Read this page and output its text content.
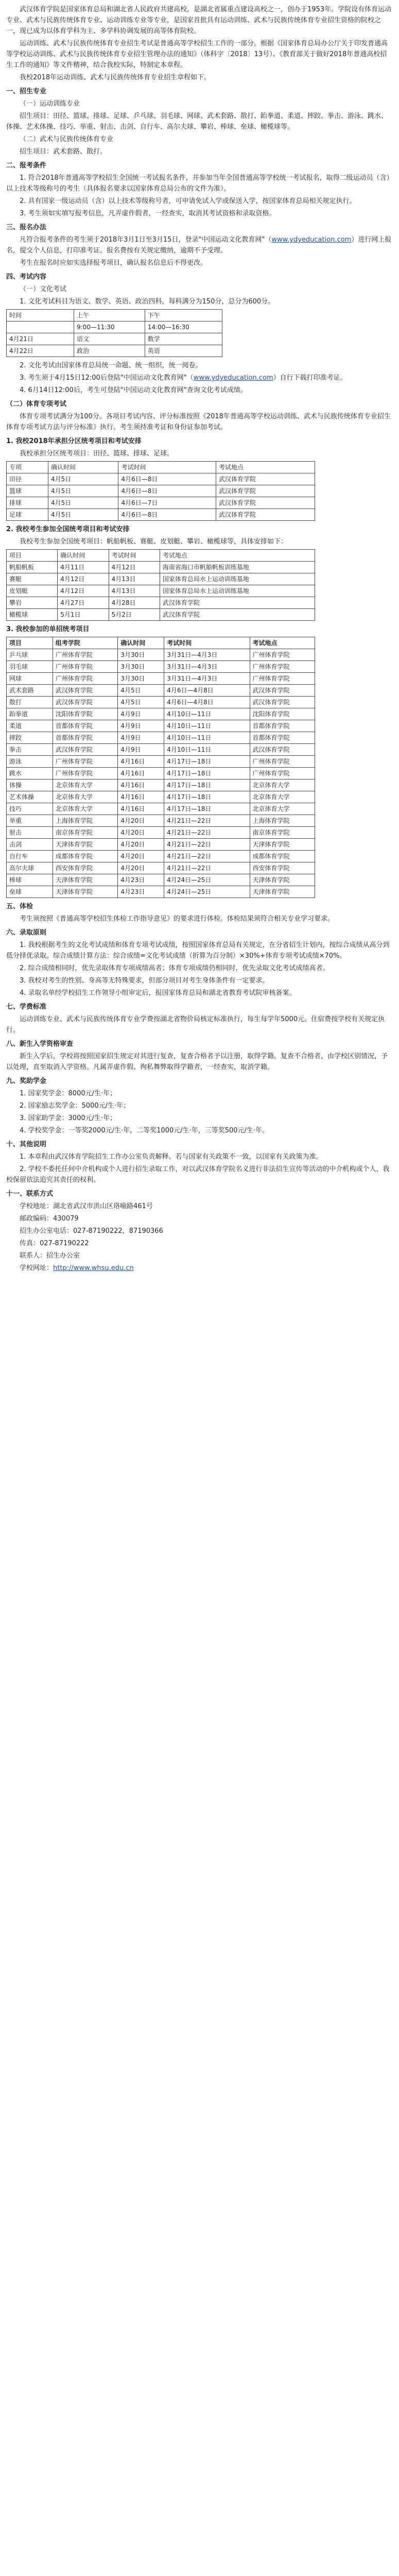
武汉体育学院是国家体育总局和湖北省人民政府共建高校，是湖北省属重点建设高校之一，创办于1953年。学院设有体育运动专业、武术与民族传统体育专业、运动训练专业等专业，是国家首批具有运动训练、武术与民族传统体育专业招生资格的院校之一，现已成为以体育学科为主、多学科协调发展的高等体育院校。

运动训练、武术与民族传统体育专业招生考试是普通高等学校招生工作的一部分。根据《国家体育总局办公厅关于印发普通高等学校运动训练、武术与民族传统体育专业招生管理办法的通知》（体科字〔2018〕13号）、《教育部关于做好2018年普通高校招生工作的通知》等文件精神，结合我校实际，特制定本章程。

我校2018年运动训练、武术与民族传统体育专业招生章程如下。

一、招生专业

（一）运动训练专业

招生项目：田径、篮球、排球、足球、乒乓球、羽毛球、网球、武术套路、散打、跆拳道、柔道、摔跤、拳击、游泳、跳水、体操、艺术体操、技巧、举重、射击、击剑、自行车、高尔夫球、攀岩、棒球、垒球、橄榄球等。

（二）武术与民族传统体育专业

招生项目：武术套路、散打。

二、报考条件

1. 符合2018年普通高等学校招生全国统一考试报名条件，并参加当年全国普通高等学校统一考试报名，取得二级运动员（含）以上技术等级称号的考生（具体报名要求以国家体育总局公布的文件为准）。

2. 具有国家一级运动员（含）以上技术等级称号者，可申请免试入学或保送入学，按国家体育总局相关规定执行。

3. 考生须如实填写报考信息，凡弄虚作假者，一经查实，取消其考试资格和录取资格。

三、报名办法

凡符合报考条件的考生须于2018年3月1日至3月15日，登录"中国运动文化教育网"（www.ydyeducation.com）进行网上报名，提交个人信息，打印准考证。报名费按有关规定缴纳，逾期不予受理。

考生在报名时应如实选择报考项目，确认报名信息后不得更改。

四、考试内容

（一）文化考试

1. 文化考试科目为语文、数学、英语、政治四科，每科满分为150分，总分为600分。

时间	上午	下午
	9:00—11:30	14:00—16:30
4月21日	语文	数学
4月22日	政治	英语

2. 文化考试由国家体育总局统一命题、统一组织，统一阅卷。

3. 考生须于4月15日12:00后登陆"中国运动文化教育网"（www.ydyeducation.com）自行下载打印准考证。

4. 6月14日12:00后，考生可登陆"中国运动文化教育网"查询文化考试成绩。

（二）体育专项考试

体育专项考试满分为100分。各项目考试内容、评分标准按照《2018年普通高等学校运动训练、武术与民族传统体育专业招生体育专项考试方法与评分标准》执行。考生须持准考证和身份证参加考试。

1. 我校2018年承担分区统考项目和考试安排

我校承担分区统考项目：田径、篮球、排球、足球。

专项	确认时间	考试时间	考试地点
田径	4月5日	4月6日—8日	武汉体育学院
篮球	4月5日	4月6日—8日	武汉体育学院
排球	4月5日	4月6日—7日	武汉体育学院
足球	4月5日	4月6日—8日	武汉体育学院

2. 我校考生参加全国统考项目和考试安排

我校考生参加全国统考项目：帆船帆板、赛艇、皮划艇、攀岩、橄榄球等，具体安排如下：

项目	确认时间	考试时间	考试地点
帆船帆板	4月11日	4月12日	海南省海口市帆船帆板训练基地
赛艇	4月12日	4月13日	国家体育总局水上运动训练基地
皮划艇	4月12日	4月13日	国家体育总局水上运动训练基地
攀岩	4月27日	4月28日	武汉体育学院
橄榄球	5月1日	5月2日	武汉体育学院

3. 我校参加的单招统考项目

项目	组考学院	确认时间	考试时间	考试地点
乒乓球	广州体育学院	3月30日	3月31日—4月3日	广州体育学院
羽毛球	广州体育学院	3月30日	3月31日—4月3日	广州体育学院
网球	广州体育学院	3月30日	3月31日—4月3日	广州体育学院
武术套路	武汉体育学院	4月5日	4月6日—4月8日	武汉体育学院
散打	武汉体育学院	4月5日	4月6日—4月8日	武汉体育学院
跆拳道	沈阳体育学院	4月9日	4月10日—11日	沈阳体育学院
柔道	首都体育学院	4月9日	4月10日—11日	首都体育学院
摔跤	首都体育学院	4月9日	4月10日—11日	首都体育学院
拳击	武汉体育学院	4月9日	4月10日—11日	武汉体育学院
游泳	广州体育学院	4月16日	4月17日—18日	广州体育学院
跳水	广州体育学院	4月16日	4月17日—18日	广州体育学院
体操	北京体育大学	4月16日	4月17日—18日	北京体育大学
艺术体操	北京体育大学	4月16日	4月17日—18日	北京体育大学
技巧	北京体育大学	4月16日	4月17日—18日	北京体育大学
举重	上海体育学院	4月20日	4月21日—22日	上海体育学院
射击	南京体育学院	4月20日	4月21日—22日	南京体育学院
击剑	天津体育学院	4月20日	4月21日—22日	天津体育学院
自行车	成都体育学院	4月20日	4月21日—22日	成都体育学院
高尔夫球	西安体育学院	4月20日	4月21日—22日	西安体育学院
棒球	天津体育学院	4月23日	4月24日—25日	天津体育学院
垒球	天津体育学院	4月23日	4月24日—25日	天津体育学院

五、体检

考生须按照《普通高等学校招生体检工作指导意见》的要求进行体检。体检结果须符合相关专业学习要求。

六、录取原则

1. 我校根据考生的文化考试成绩和体育专项考试成绩，按照国家体育总局有关规定，在分省招生计划内，按综合成绩从高分到低分择优录取。综合成绩计算方法：综合成绩=文化考试成绩（折算为百分制）×30%+体育专项考试成绩×70%。

2. 综合成绩相同时，优先录取体育专项成绩高者；体育专项成绩仍相同时，优先录取文化考试成绩高者。

3. 我校对考生的性别、身高等无特殊要求，但部分项目对考生身体条件有一定要求。

4. 录取名单经学校招生工作领导小组审定后，报国家体育总局和湖北省教育考试院审核备案。

七、学费标准

运动训练专业、武术与民族传统体育专业学费按湖北省物价局核定标准执行，每生每学年5000元。住宿费按学校有关规定执行。

八、新生入学资格审查

新生入学后，学校将按照国家招生规定对其进行复查，复查合格者予以注册，取得学籍。复查不合格者，由学校区别情况，予以处理，直至取消入学资格。凡属弄虚作假、徇私舞弊取得学籍者，一经查实，取消学籍。

九、奖助学金

1. 国家奖学金：8000元/生·年；

2. 国家励志奖学金：5000元/生·年；

3. 国家助学金：3000元/生·年；

4. 学校奖学金：一等奖2000元/生·年，二等奖1000元/生·年，三等奖500元/生·年。

十、其他说明

1. 本章程由武汉体育学院招生工作办公室负责解释。若与国家有关政策不一致，以国家有关政策为准。

2. 学校不委托任何中介机构或个人进行招生录取工作，对以武汉体育学院名义进行非法招生宣传等活动的中介机构或个人，我校保留依法追究其责任的权利。

十一、联系方式

学校地址：湖北省武汉市洪山区珞喻路461号

邮政编码：430079

招生办公室电话：027-87190222，87190366

传真：027-87190222

联系人：招生办公室

学校网址：http://www.whsu.edu.cn
